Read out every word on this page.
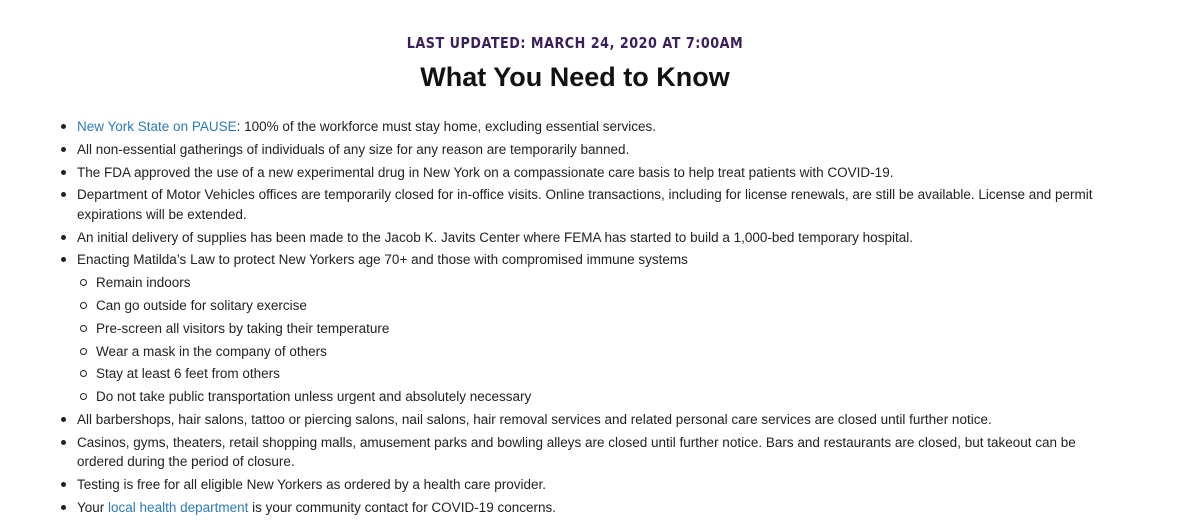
LAST UPDATED: MARCH 24, 2020 AT 7:00AM
What You Need to Know
New York State on PAUSE: 100% of the workforce must stay home, excluding essential services.
All non-essential gatherings of individuals of any size for any reason are temporarily banned.
The FDA approved the use of a new experimental drug in New York on a compassionate care basis to help treat patients with COVID-19.
Department of Motor Vehicles offices are temporarily closed for in-office visits. Online transactions, including for license renewals, are still be available. License and permit expirations will be extended.
An initial delivery of supplies has been made to the Jacob K. Javits Center where FEMA has started to build a 1,000-bed temporary hospital.
Enacting Matilda’s Law to protect New Yorkers age 70+ and those with compromised immune systems
Remain indoors
Can go outside for solitary exercise
Pre-screen all visitors by taking their temperature
Wear a mask in the company of others
Stay at least 6 feet from others
Do not take public transportation unless urgent and absolutely necessary
All barbershops, hair salons, tattoo or piercing salons, nail salons, hair removal services and related personal care services are closed until further notice.
Casinos, gyms, theaters, retail shopping malls, amusement parks and bowling alleys are closed until further notice. Bars and restaurants are closed, but takeout can be ordered during the period of closure.
Testing is free for all eligible New Yorkers as ordered by a health care provider.
Your local health department is your community contact for COVID-19 concerns.
